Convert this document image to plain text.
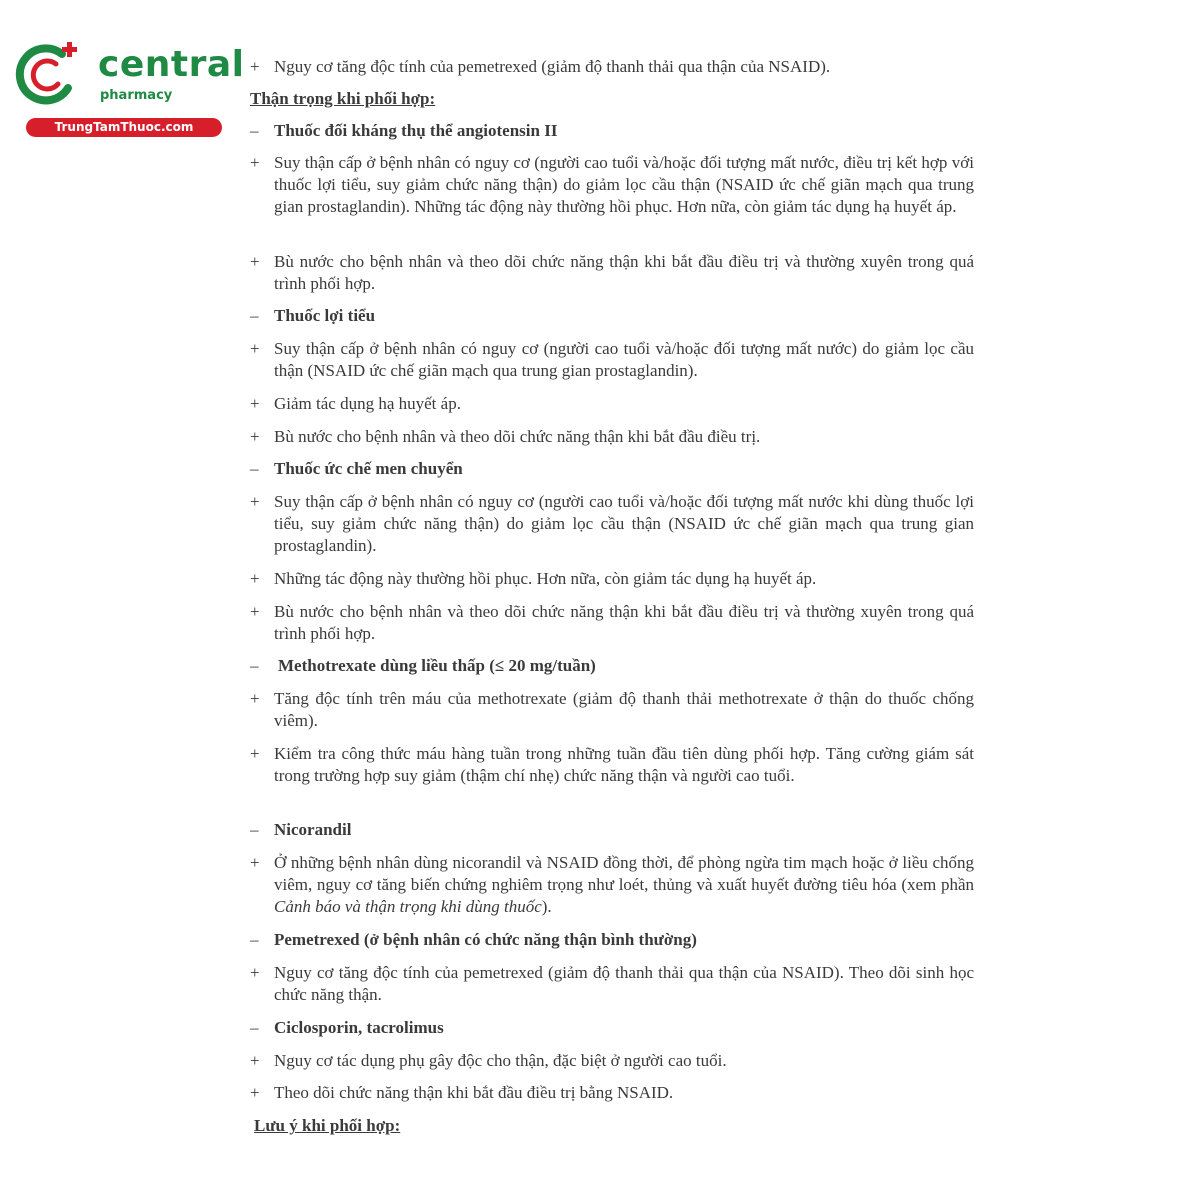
central
pharmacy
TrungTamThuoc.com
+ Nguy cơ tăng độc tính của pemetrexed (giảm độ thanh thải qua thận của NSAID).
Thận trọng khi phối hợp:
– Thuốc đối kháng thụ thể angiotensin II
+ Suy thận cấp ở bệnh nhân có nguy cơ (người cao tuổi và/hoặc đối tượng mất nước, điều trị kết hợp với thuốc lợi tiểu, suy giảm chức năng thận) do giảm lọc cầu thận (NSAID ức chế giãn mạch qua trung gian prostaglandin). Những tác động này thường hồi phục. Hơn nữa, còn giảm tác dụng hạ huyết áp.
+ Bù nước cho bệnh nhân và theo dõi chức năng thận khi bắt đầu điều trị và thường xuyên trong quá trình phối hợp.
– Thuốc lợi tiểu
+ Suy thận cấp ở bệnh nhân có nguy cơ (người cao tuổi và/hoặc đối tượng mất nước) do giảm lọc cầu thận (NSAID ức chế giãn mạch qua trung gian prostaglandin).
+ Giảm tác dụng hạ huyết áp.
+ Bù nước cho bệnh nhân và theo dõi chức năng thận khi bắt đầu điều trị.
– Thuốc ức chế men chuyển
+ Suy thận cấp ở bệnh nhân có nguy cơ (người cao tuổi và/hoặc đối tượng mất nước khi dùng thuốc lợi tiểu, suy giảm chức năng thận) do giảm lọc cầu thận (NSAID ức chế giãn mạch qua trung gian prostaglandin).
+ Những tác động này thường hồi phục. Hơn nữa, còn giảm tác dụng hạ huyết áp.
+ Bù nước cho bệnh nhân và theo dõi chức năng thận khi bắt đầu điều trị và thường xuyên trong quá trình phối hợp.
–	Methotrexate dùng liều thấp (≤ 20 mg/tuần)
+ Tăng độc tính trên máu của methotrexate (giảm độ thanh thải methotrexate ở thận do thuốc chống viêm).
+ Kiểm tra công thức máu hàng tuần trong những tuần đầu tiên dùng phối hợp. Tăng cường giám sát trong trường hợp suy giảm (thậm chí nhẹ) chức năng thận và người cao tuổi.
– Nicorandil
+ Ở những bệnh nhân dùng nicorandil và NSAID đồng thời, để phòng ngừa tim mạch hoặc ở liều chống viêm, nguy cơ tăng biến chứng nghiêm trọng như loét, thủng và xuất huyết đường tiêu hóa (xem phần Cảnh báo và thận trọng khi dùng thuốc).
– Pemetrexed (ở bệnh nhân có chức năng thận bình thường)
+ Nguy cơ tăng độc tính của pemetrexed (giảm độ thanh thải qua thận của NSAID). Theo dõi sinh học chức năng thận.
– Ciclosporin, tacrolimus
+ Nguy cơ tác dụng phụ gây độc cho thận, đặc biệt ở người cao tuổi.
+ Theo dõi chức năng thận khi bắt đầu điều trị bằng NSAID.
Lưu ý khi phối hợp:
